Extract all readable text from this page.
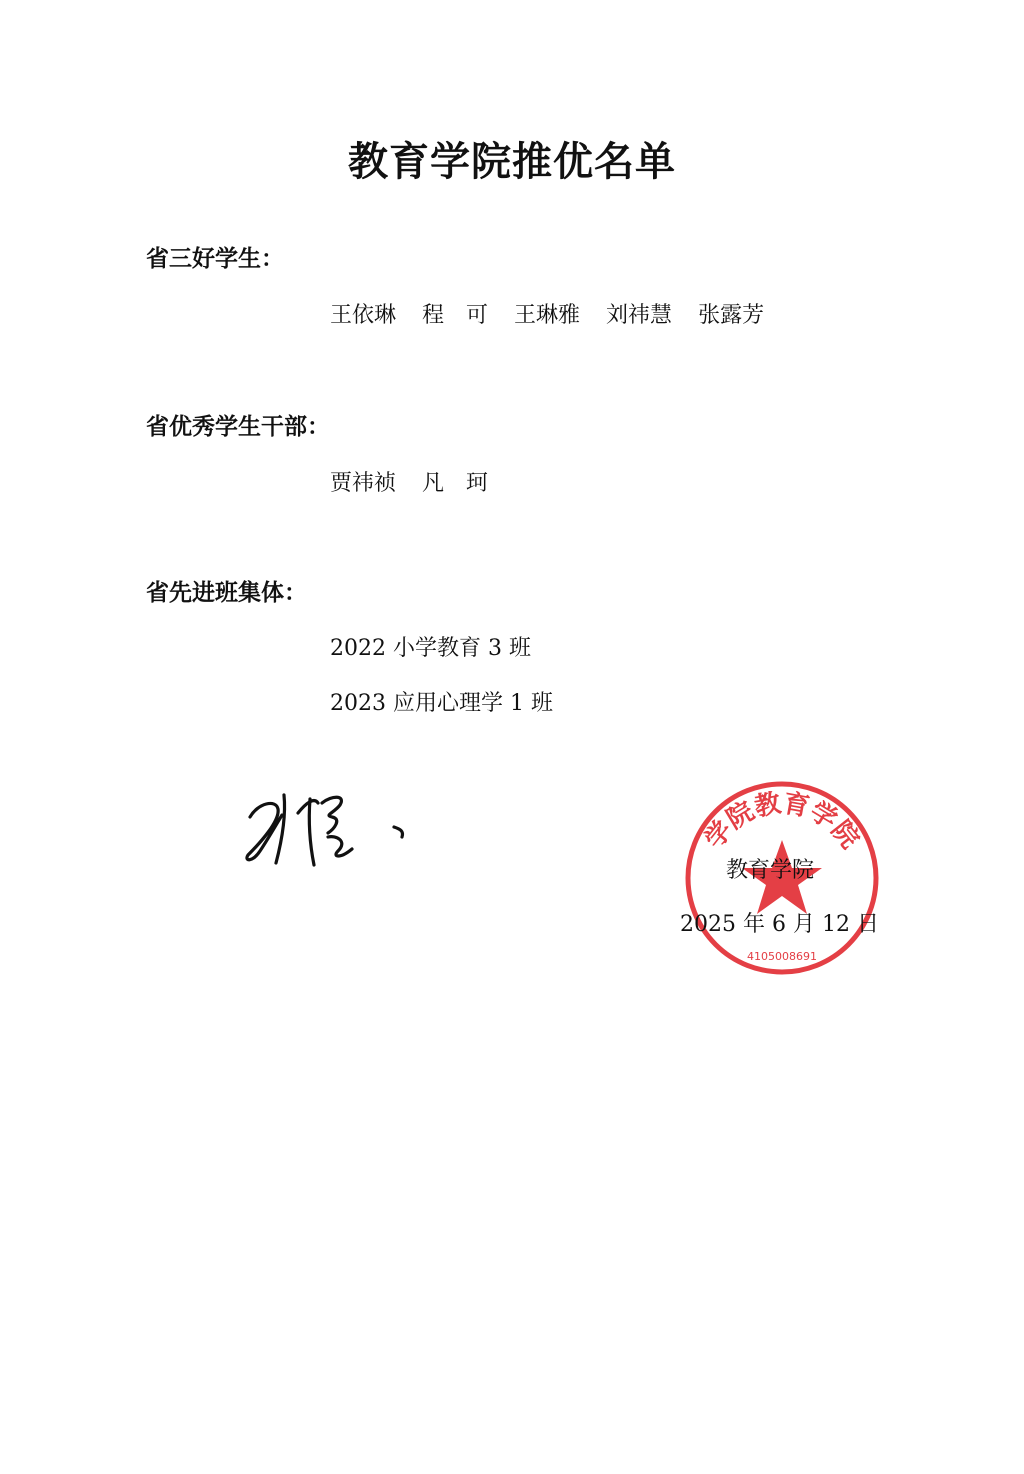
教育学院推优名单
省三好学生：
王依琳 程　可 王琳雅 刘祎慧 张露芳
省优秀学生干部：
贾祎祯 凡　珂
省先进班集体：
2022 小学教育 3 班
2023 应用心理学 1 班
学院教育学院
4105008691
教育学院
2025 年 6 月 12 日
